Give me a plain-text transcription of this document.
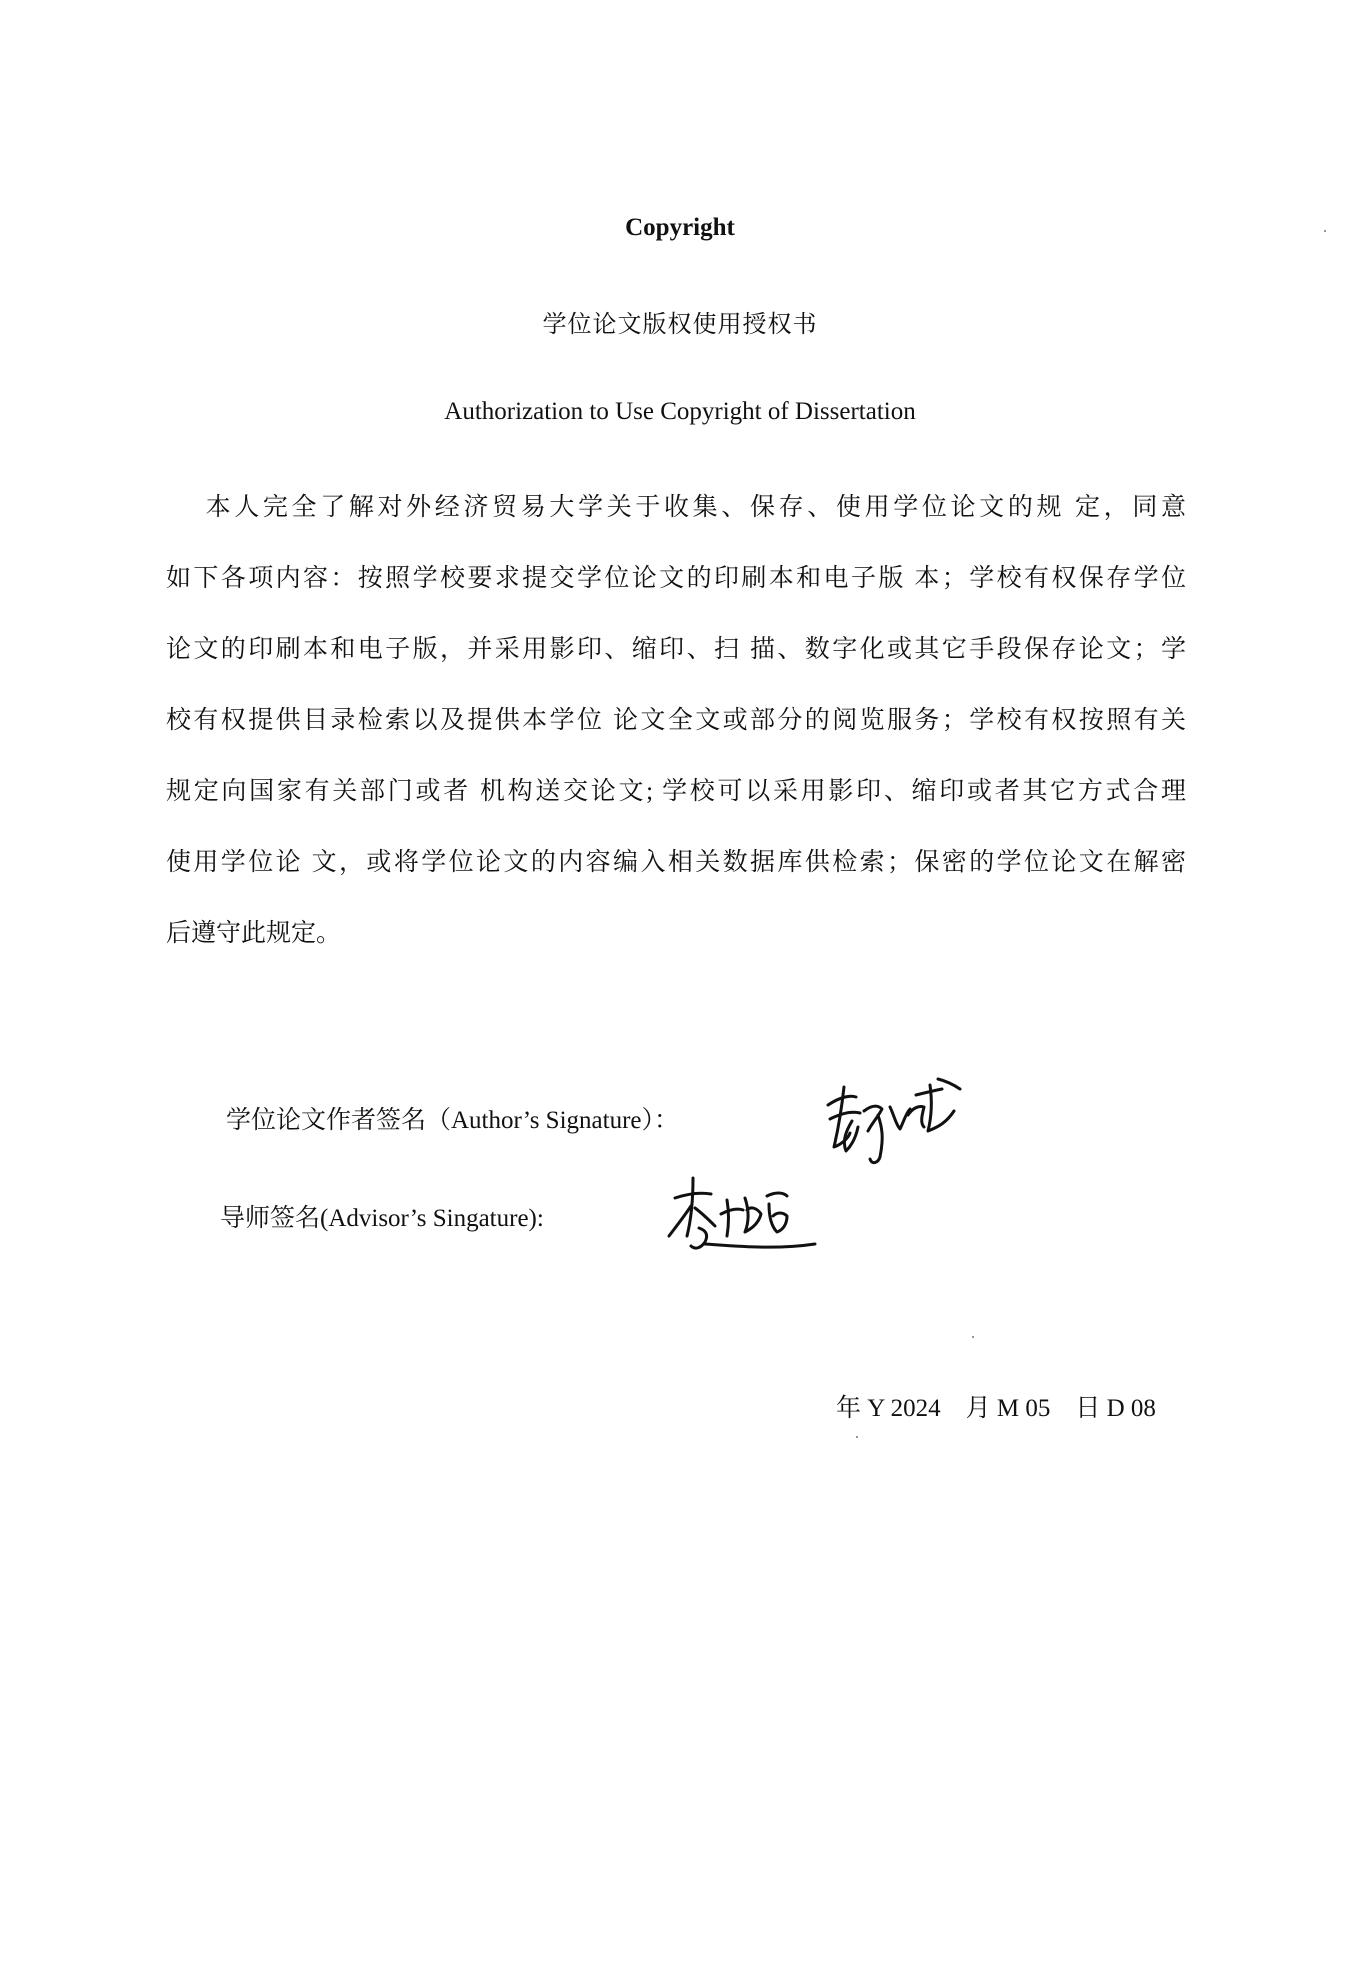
Copyright
学位论文版权使用授权书
Authorization to Use Copyright of Dissertation
本人完全了解对外经济贸易大学关于收集、保存、使用学位论文的规 定，同意
如下各项内容：按照学校要求提交学位论文的印刷本和电子版 本；学校有权保存学位
论文的印刷本和电子版，并采用影印、缩印、扫 描、数字化或其它手段保存论文；学
校有权提供目录检索以及提供本学位 论文全文或部分的阅览服务；学校有权按照有关
规定向国家有关部门或者 机构送交论文; 学校可以采用影印、缩印或者其它方式合理
使用学位论 文，或将学位论文的内容编入相关数据库供检索；保密的学位论文在解密
后遵守此规定。
学位论文作者签名（Author’s Signature）：
导师签名(Advisor’s Singature):
年 Y 2024    月 M 05    日 D 08
